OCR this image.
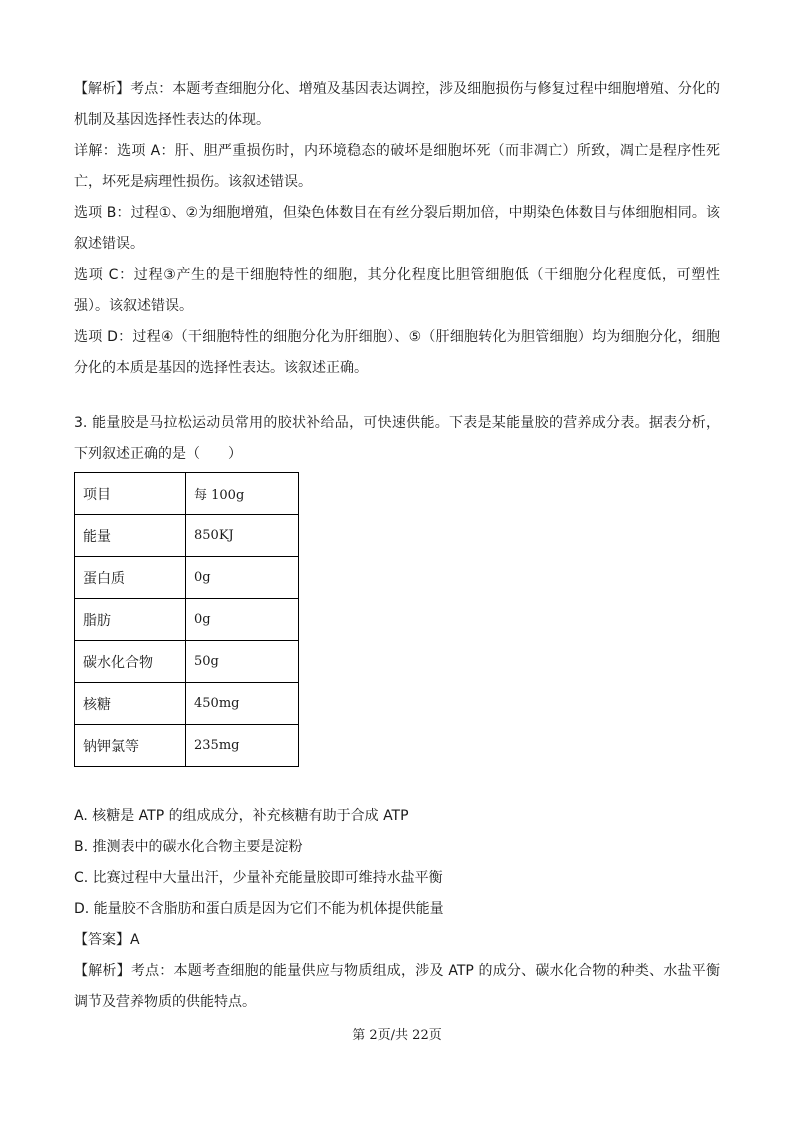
【解析】考点：本题考查细胞分化、增殖及基因表达调控，涉及细胞损伤与修复过程中细胞增殖、分化的机制及基因选择性表达的体现。

详解：选项 A：肝、胆严重损伤时，内环境稳态的破坏是细胞坏死（而非凋亡）所致，凋亡是程序性死亡，坏死是病理性损伤。该叙述错误。

选项 B：过程①、②为细胞增殖，但染色体数目在有丝分裂后期加倍，中期染色体数目与体细胞相同。该叙述错误。

选项 C：过程③产生的是干细胞特性的细胞，其分化程度比胆管细胞低（干细胞分化程度低，可塑性强）。该叙述错误。

选项 D：过程④（干细胞特性的细胞分化为肝细胞）、⑤（肝细胞转化为胆管细胞）均为细胞分化，细胞分化的本质是基因的选择性表达。该叙述正确。

3. 能量胶是马拉松运动员常用的胶状补给品，可快速供能。下表是某能量胶的营养成分表。据表分析，下列叙述正确的是（　　）

项目	每 100g
能量	850KJ
蛋白质	0g
脂肪	0g
碳水化合物	50g
核糖	450mg
钠钾氯等	235mg

A. 核糖是 ATP 的组成成分，补充核糖有助于合成 ATP

B. 推测表中的碳水化合物主要是淀粉

C. 比赛过程中大量出汗，少量补充能量胶即可维持水盐平衡

D. 能量胶不含脂肪和蛋白质是因为它们不能为机体提供能量

【答案】A

【解析】考点：本题考查细胞的能量供应与物质组成，涉及 ATP 的成分、碳水化合物的种类、水盐平衡调节及营养物质的供能特点。

第 2页/共 22页
